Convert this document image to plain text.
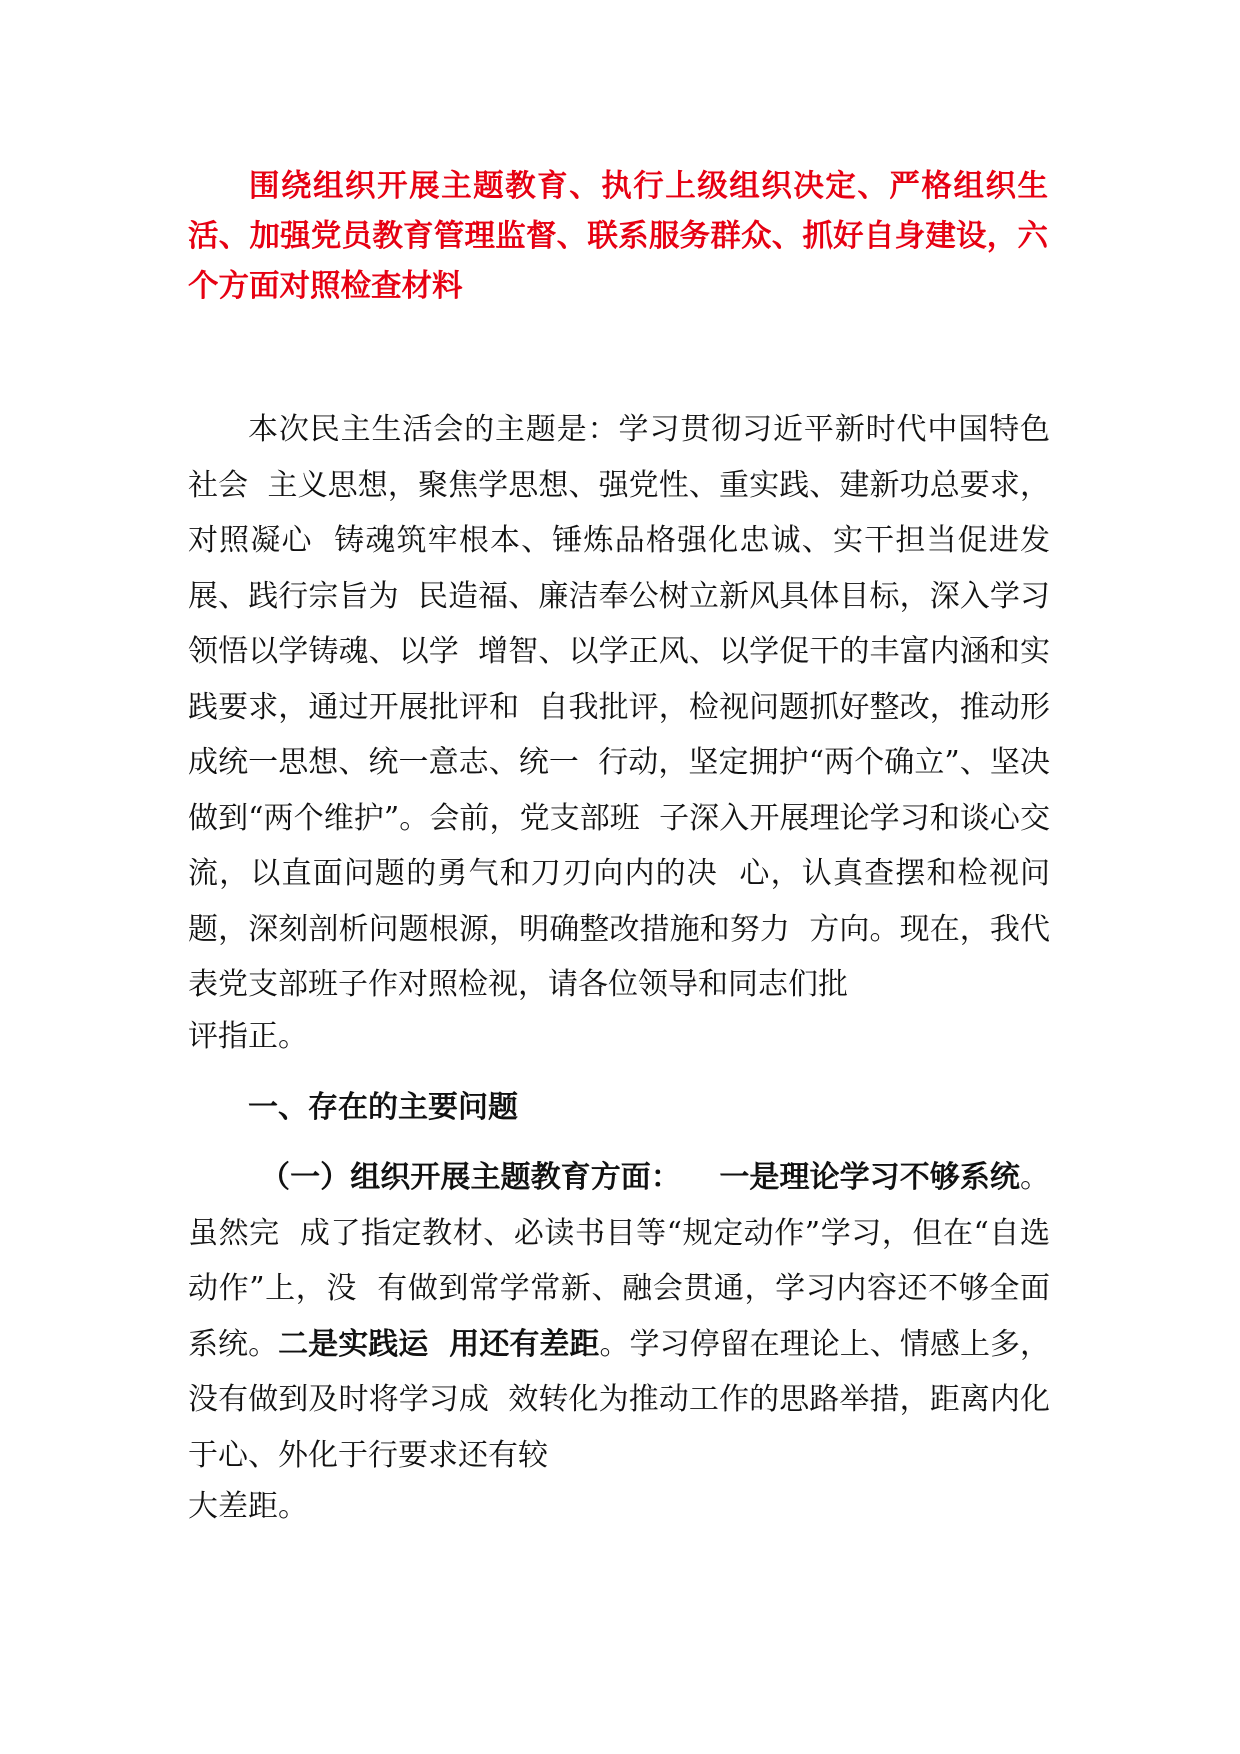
围绕组织开展主题教育、执行上级组织决定、严格组织生活、加强党员教育管理监督、联系服务群众、抓好自身建设，六个方面对照检查材料

本次民主生活会的主题是：学习贯彻习近平新时代中国特色社会  主义思想，聚焦学思想、强党性、重实践、建新功总要求，对照凝心  铸魂筑牢根本、锤炼品格强化忠诚、实干担当促进发展、践行宗旨为  民造福、廉洁奉公树立新风具体目标，深入学习领悟以学铸魂、以学  增智、以学正风、以学促干的丰富内涵和实践要求，通过开展批评和  自我批评，检视问题抓好整改，推动形成统一思想、统一意志、统一  行动，坚定拥护“两个确立”、坚决做到“两个维护”。会前，党支部班  子深入开展理论学习和谈心交流，以直面问题的勇气和刀刃向内的决  心，认真查摆和检视问题，深刻剖析问题根源，明确整改措施和努力  方向。现在，我代表党支部班子作对照检视，请各位领导和同志们批
评指正。

一、存在的主要问题

（一）组织开展主题教育方面： 一是理论学习不够系统。虽然完  成了指定教材、必读书目等“规定动作”学习，但在“自选动作”上，没  有做到常学常新、融会贯通，学习内容还不够全面系统。二是实践运  用还有差距。学习停留在理论上、情感上多，没有做到及时将学习成  效转化为推动工作的思路举措，距离内化于心、外化于行要求还有较
大差距。
